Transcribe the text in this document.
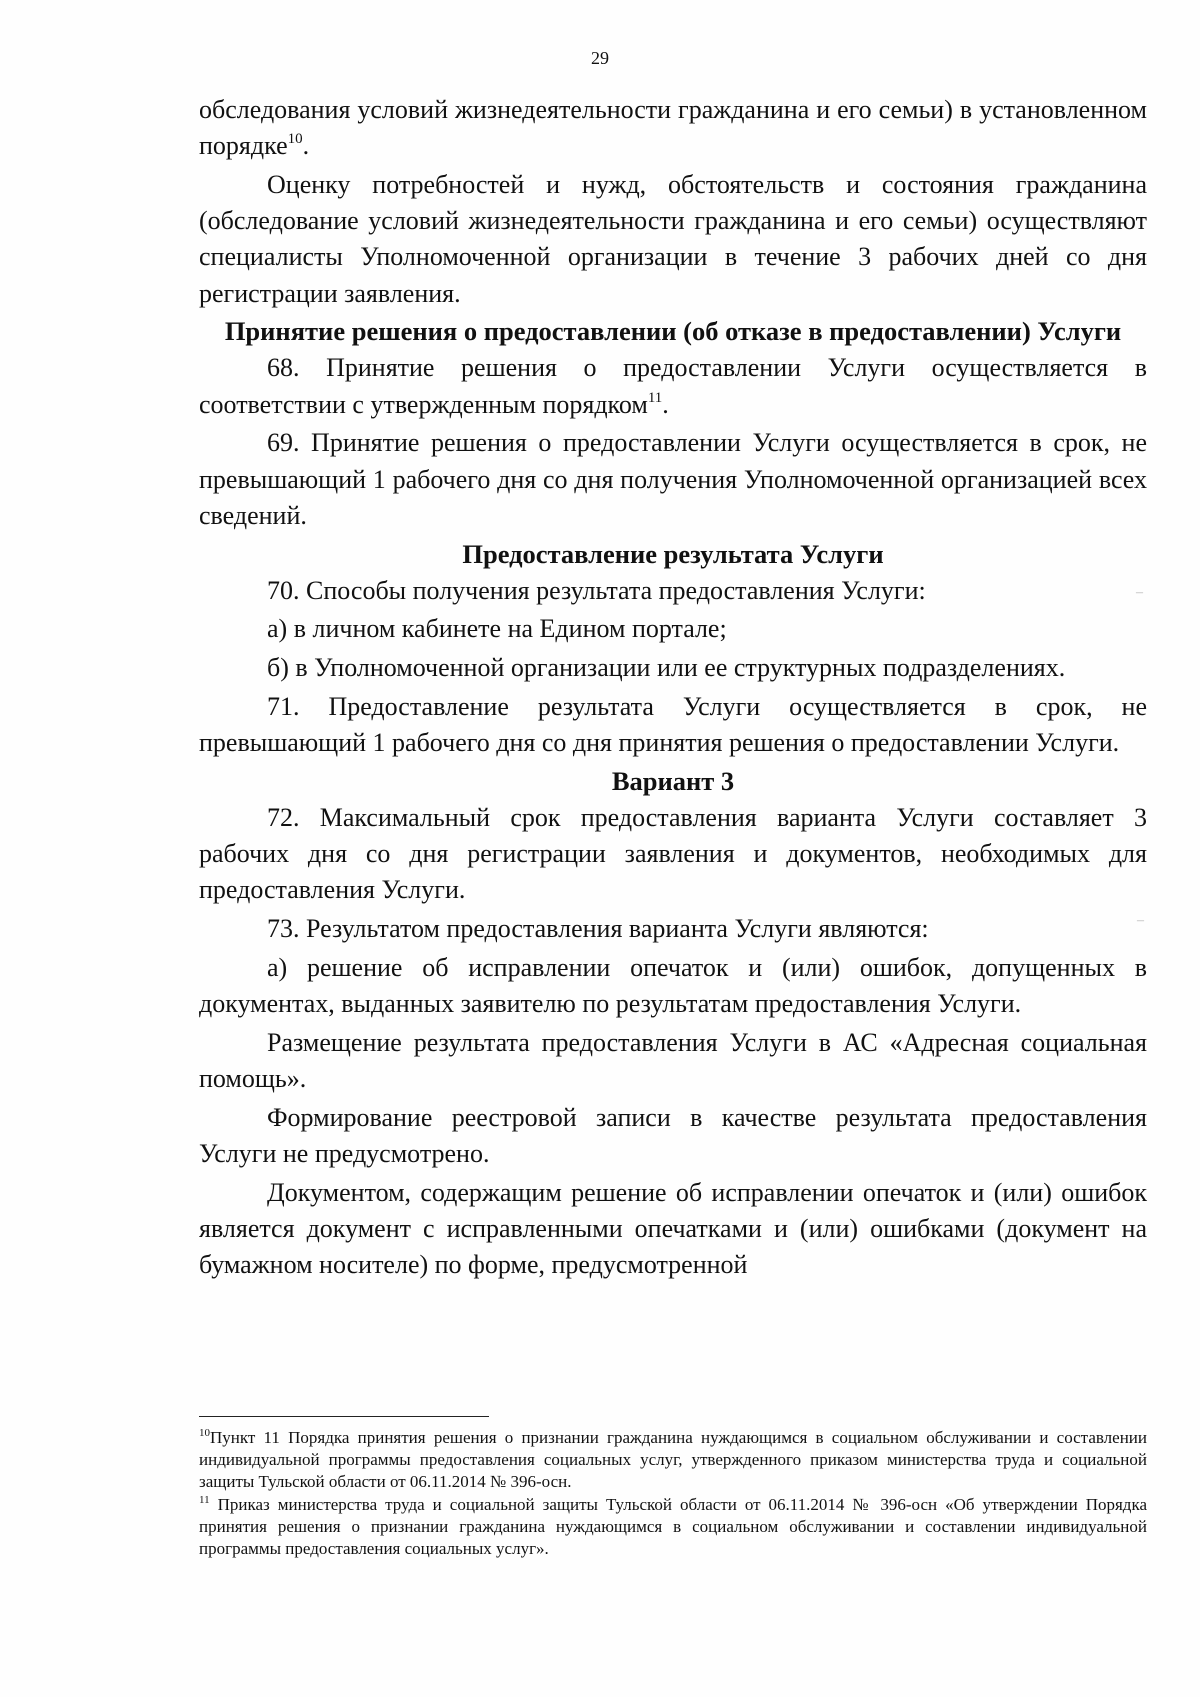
29

обследования условий жизнедеятельности гражданина и его семьи) в установленном порядке$^{10}$.

Оценку потребностей и нужд, обстоятельств и состояния гражданина (обследование условий жизнедеятельности гражданина и его семьи) осуществляют специалисты Уполномоченной организации в течение 3 рабочих дней со дня регистрации заявления.

Принятие решения о предоставлении (об отказе в предоставлении) Услуги

68. Принятие решения о предоставлении Услуги осуществляется в соответствии с утвержденным порядком$^{11}$.

69. Принятие решения о предоставлении Услуги осуществляется в срок, не превышающий 1 рабочего дня со дня получения Уполномоченной организацией всех сведений.

Предоставление результата Услуги

70. Способы получения результата предоставления Услуги:

а) в личном кабинете на Едином портале;

б) в Уполномоченной организации или ее структурных подразделениях.

71. Предоставление результата Услуги осуществляется в срок, не превышающий 1 рабочего дня со дня принятия решения о предоставлении Услуги.

Вариант 3

72. Максимальный срок предоставления варианта Услуги составляет 3 рабочих дня со дня регистрации заявления и документов, необходимых для предоставления Услуги.

73. Результатом предоставления варианта Услуги являются:

а) решение об исправлении опечаток и (или) ошибок, допущенных в документах, выданных заявителю по результатам предоставления Услуги.

Размещение результата предоставления Услуги в АС «Адресная социальная помощь».

Формирование реестровой записи в качестве результата предоставления Услуги не предусмотрено.

Документом, содержащим решение об исправлении опечаток и (или) ошибок является документ с исправленными опечатками и (или) ошибками (документ на бумажном носителе) по форме, предусмотренной

$^{10}$Пункт 11 Порядка принятия решения о признании гражданина нуждающимся в социальном обслуживании и составлении индивидуальной программы предоставления социальных услуг, утвержденного приказом министерства труда и социальной защиты Тульской области от 06.11.2014 № 396-осн.

$^{11}$ Приказ министерства труда и социальной защиты Тульской области от 06.11.2014 № 396-осн «Об утверждении Порядка принятия решения о признании гражданина нуждающимся в социальном обслуживании и составлении индивидуальной программы предоставления социальных услуг».

–
–
